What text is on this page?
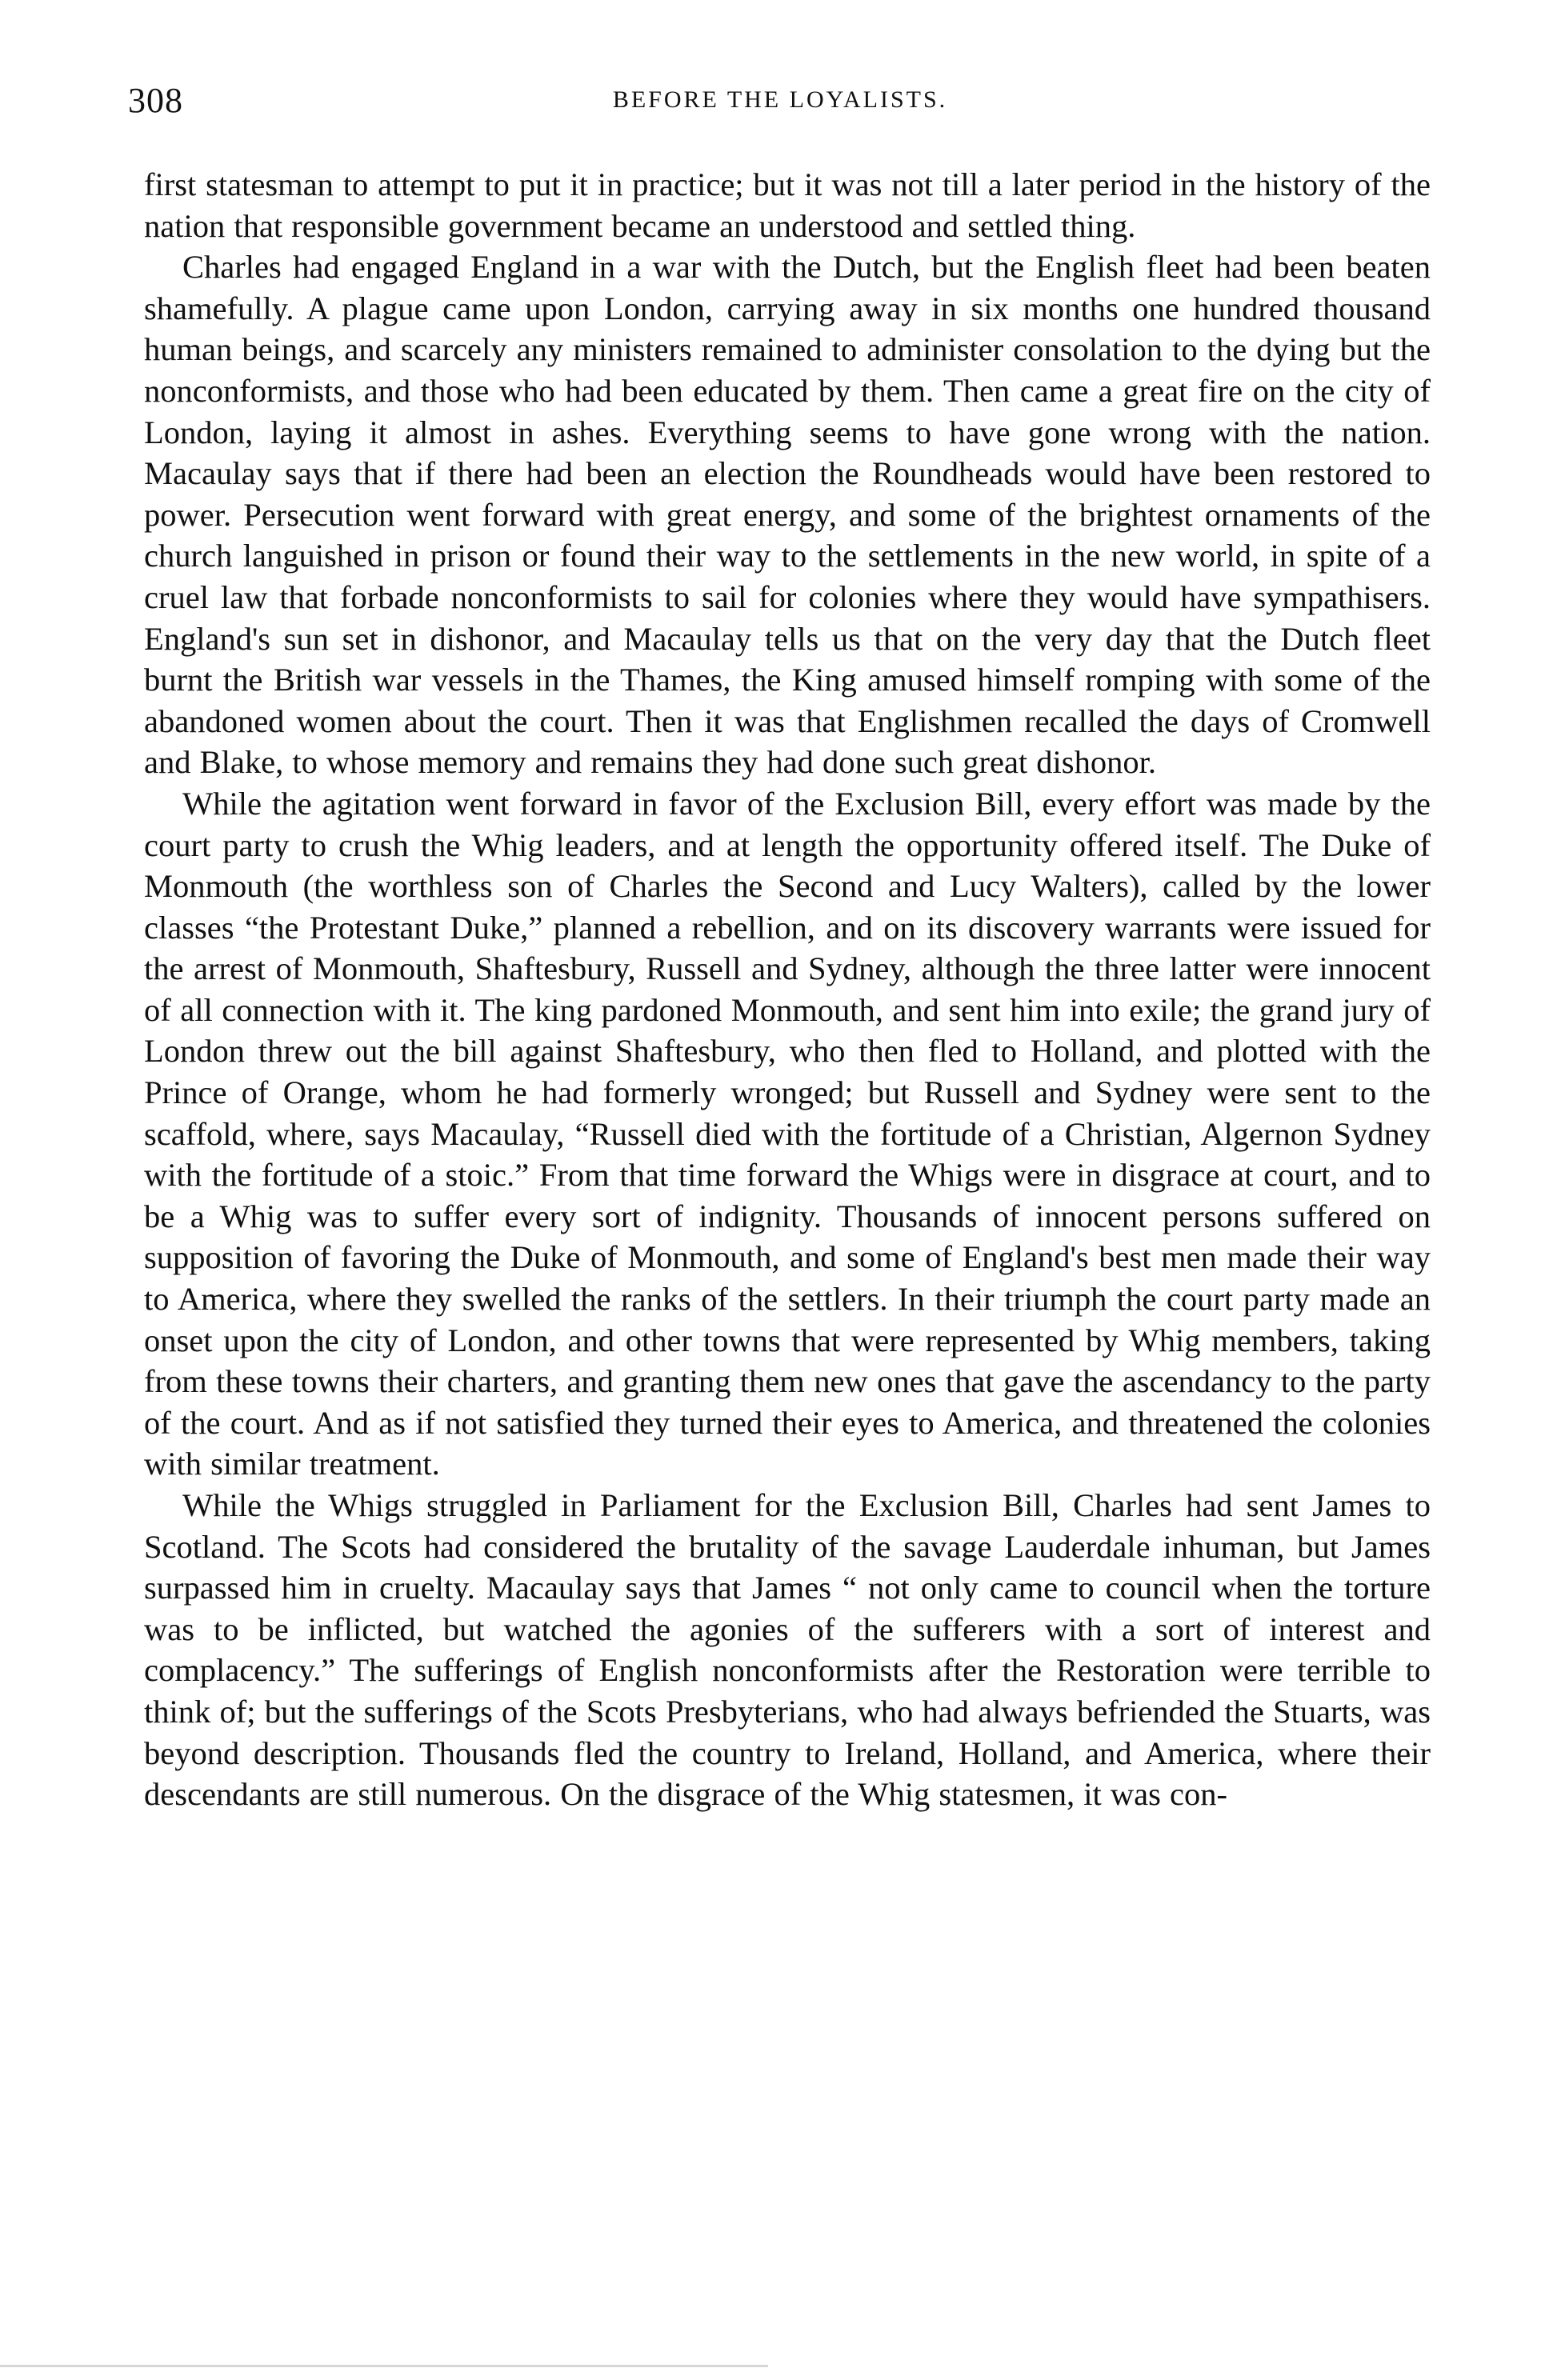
308	BEFORE THE LOYALISTS.

first statesman to attempt to put it in practice; but it was not till a later period in the history of the nation that responsible government became an understood and settled thing.

Charles had engaged England in a war with the Dutch, but the English fleet had been beaten shamefully. A plague came upon London, carrying away in six months one hundred thousand human beings, and scarcely any ministers remained to administer consolation to the dying but the nonconformists, and those who had been educated by them. Then came a great fire on the city of London, laying it almost in ashes. Everything seems to have gone wrong with the nation. Macaulay says that if there had been an election the Roundheads would have been restored to power. Persecution went forward with great energy, and some of the brightest ornaments of the church languished in prison or found their way to the settlements in the new world, in spite of a cruel law that forbade nonconformists to sail for colonies where they would have sympathisers. England's sun set in dishonor, and Macaulay tells us that on the very day that the Dutch fleet burnt the British war vessels in the Thames, the King amused himself romping with some of the abandoned women about the court. Then it was that Englishmen recalled the days of Cromwell and Blake, to whose memory and remains they had done such great dishonor.

While the agitation went forward in favor of the Exclusion Bill, every effort was made by the court party to crush the Whig leaders, and at length the opportunity offered itself. The Duke of Monmouth (the worthless son of Charles the Second and Lucy Walters), called by the lower classes “the Protestant Duke,” planned a rebellion, and on its discovery warrants were issued for the arrest of Monmouth, Shaftesbury, Russell and Sydney, although the three latter were innocent of all connection with it. The king pardoned Monmouth, and sent him into exile; the grand jury of London threw out the bill against Shaftesbury, who then fled to Holland, and plotted with the Prince of Orange, whom he had formerly wronged; but Russell and Sydney were sent to the scaffold, where, says Macaulay, “Russell died with the fortitude of a Christian, Algernon Sydney with the fortitude of a stoic.” From that time forward the Whigs were in disgrace at court, and to be a Whig was to suffer every sort of indignity. Thousands of innocent persons suffered on supposition of favoring the Duke of Monmouth, and some of England's best men made their way to America, where they swelled the ranks of the settlers. In their triumph the court party made an onset upon the city of London, and other towns that were represented by Whig members, taking from these towns their charters, and granting them new ones that gave the ascendancy to the party of the court. And as if not satisfied they turned their eyes to America, and threatened the colonies with similar treatment.

While the Whigs struggled in Parliament for the Exclusion Bill, Charles had sent James to Scotland. The Scots had considered the brutality of the savage Lauderdale inhuman, but James surpassed him in cruelty. Macaulay says that James “ not only came to council when the torture was to be inflicted, but watched the agonies of the sufferers with a sort of interest and complacency.” The sufferings of English nonconformists after the Restoration were terrible to think of; but the sufferings of the Scots Presbyterians, who had always befriended the Stuarts, was beyond description. Thousands fled the country to Ireland, Holland, and America, where their descendants are still numerous. On the disgrace of the Whig statesmen, it was con-
